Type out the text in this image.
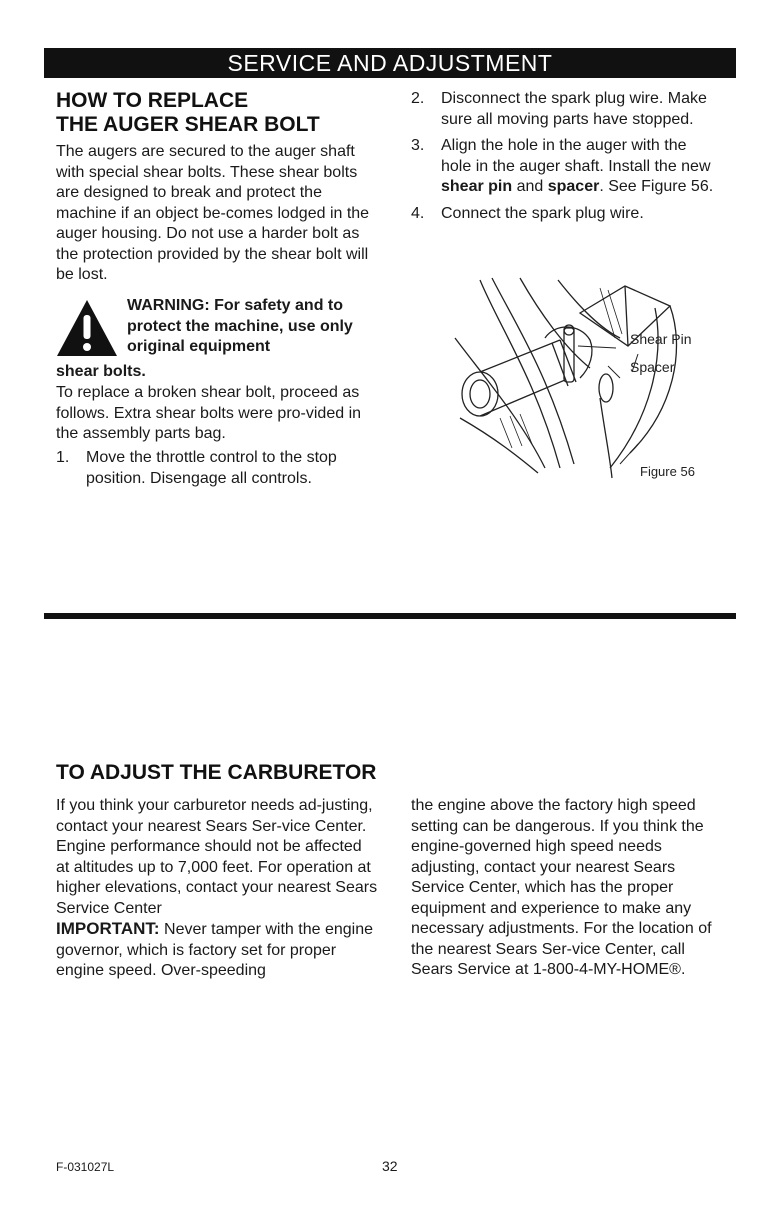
SERVICE AND ADJUSTMENT
HOW TO REPLACE
THE AUGER SHEAR BOLT

The augers are secured to the auger shaft with special shear bolts. These shear bolts are designed to break and protect the machine if an object be-comes lodged in the auger housing. Do not use a harder bolt as the protection provided by the shear bolt will be lost.

WARNING: For safety and to protect the machine, use only original equipment
shear bolts.

To replace a broken shear bolt, proceed as follows. Extra shear bolts were pro-vided in the assembly parts bag.

1.	Move the throttle control to the stop position. Disengage all controls.
2.	Disconnect the spark plug wire. Make sure all moving parts have stopped.
3.	Align the hole in the auger with the hole in the auger shaft. Install the new shear pin and spacer. See Figure 56.
4.	Connect the spark plug wire.
Shear Pin
Spacer
Figure 56
TO ADJUST THE CARBURETOR
If you think your carburetor needs ad-justing, contact your nearest Sears Ser-vice Center. Engine performance should not be affected at altitudes up to 7,000 feet. For operation at higher elevations, contact your nearest Sears Service Center
IMPORTANT: Never tamper with the engine governor, which is factory set for proper engine speed. Over-speeding

the engine above the factory high speed setting can be dangerous. If you think the engine-governed high speed needs adjusting, contact your nearest Sears Service Center, which has the proper equipment and experience to make any necessary adjustments. For the location of the nearest Sears Ser-vice Center, call Sears Service at 1-800-4-MY-HOME®.

F-031027L	32
